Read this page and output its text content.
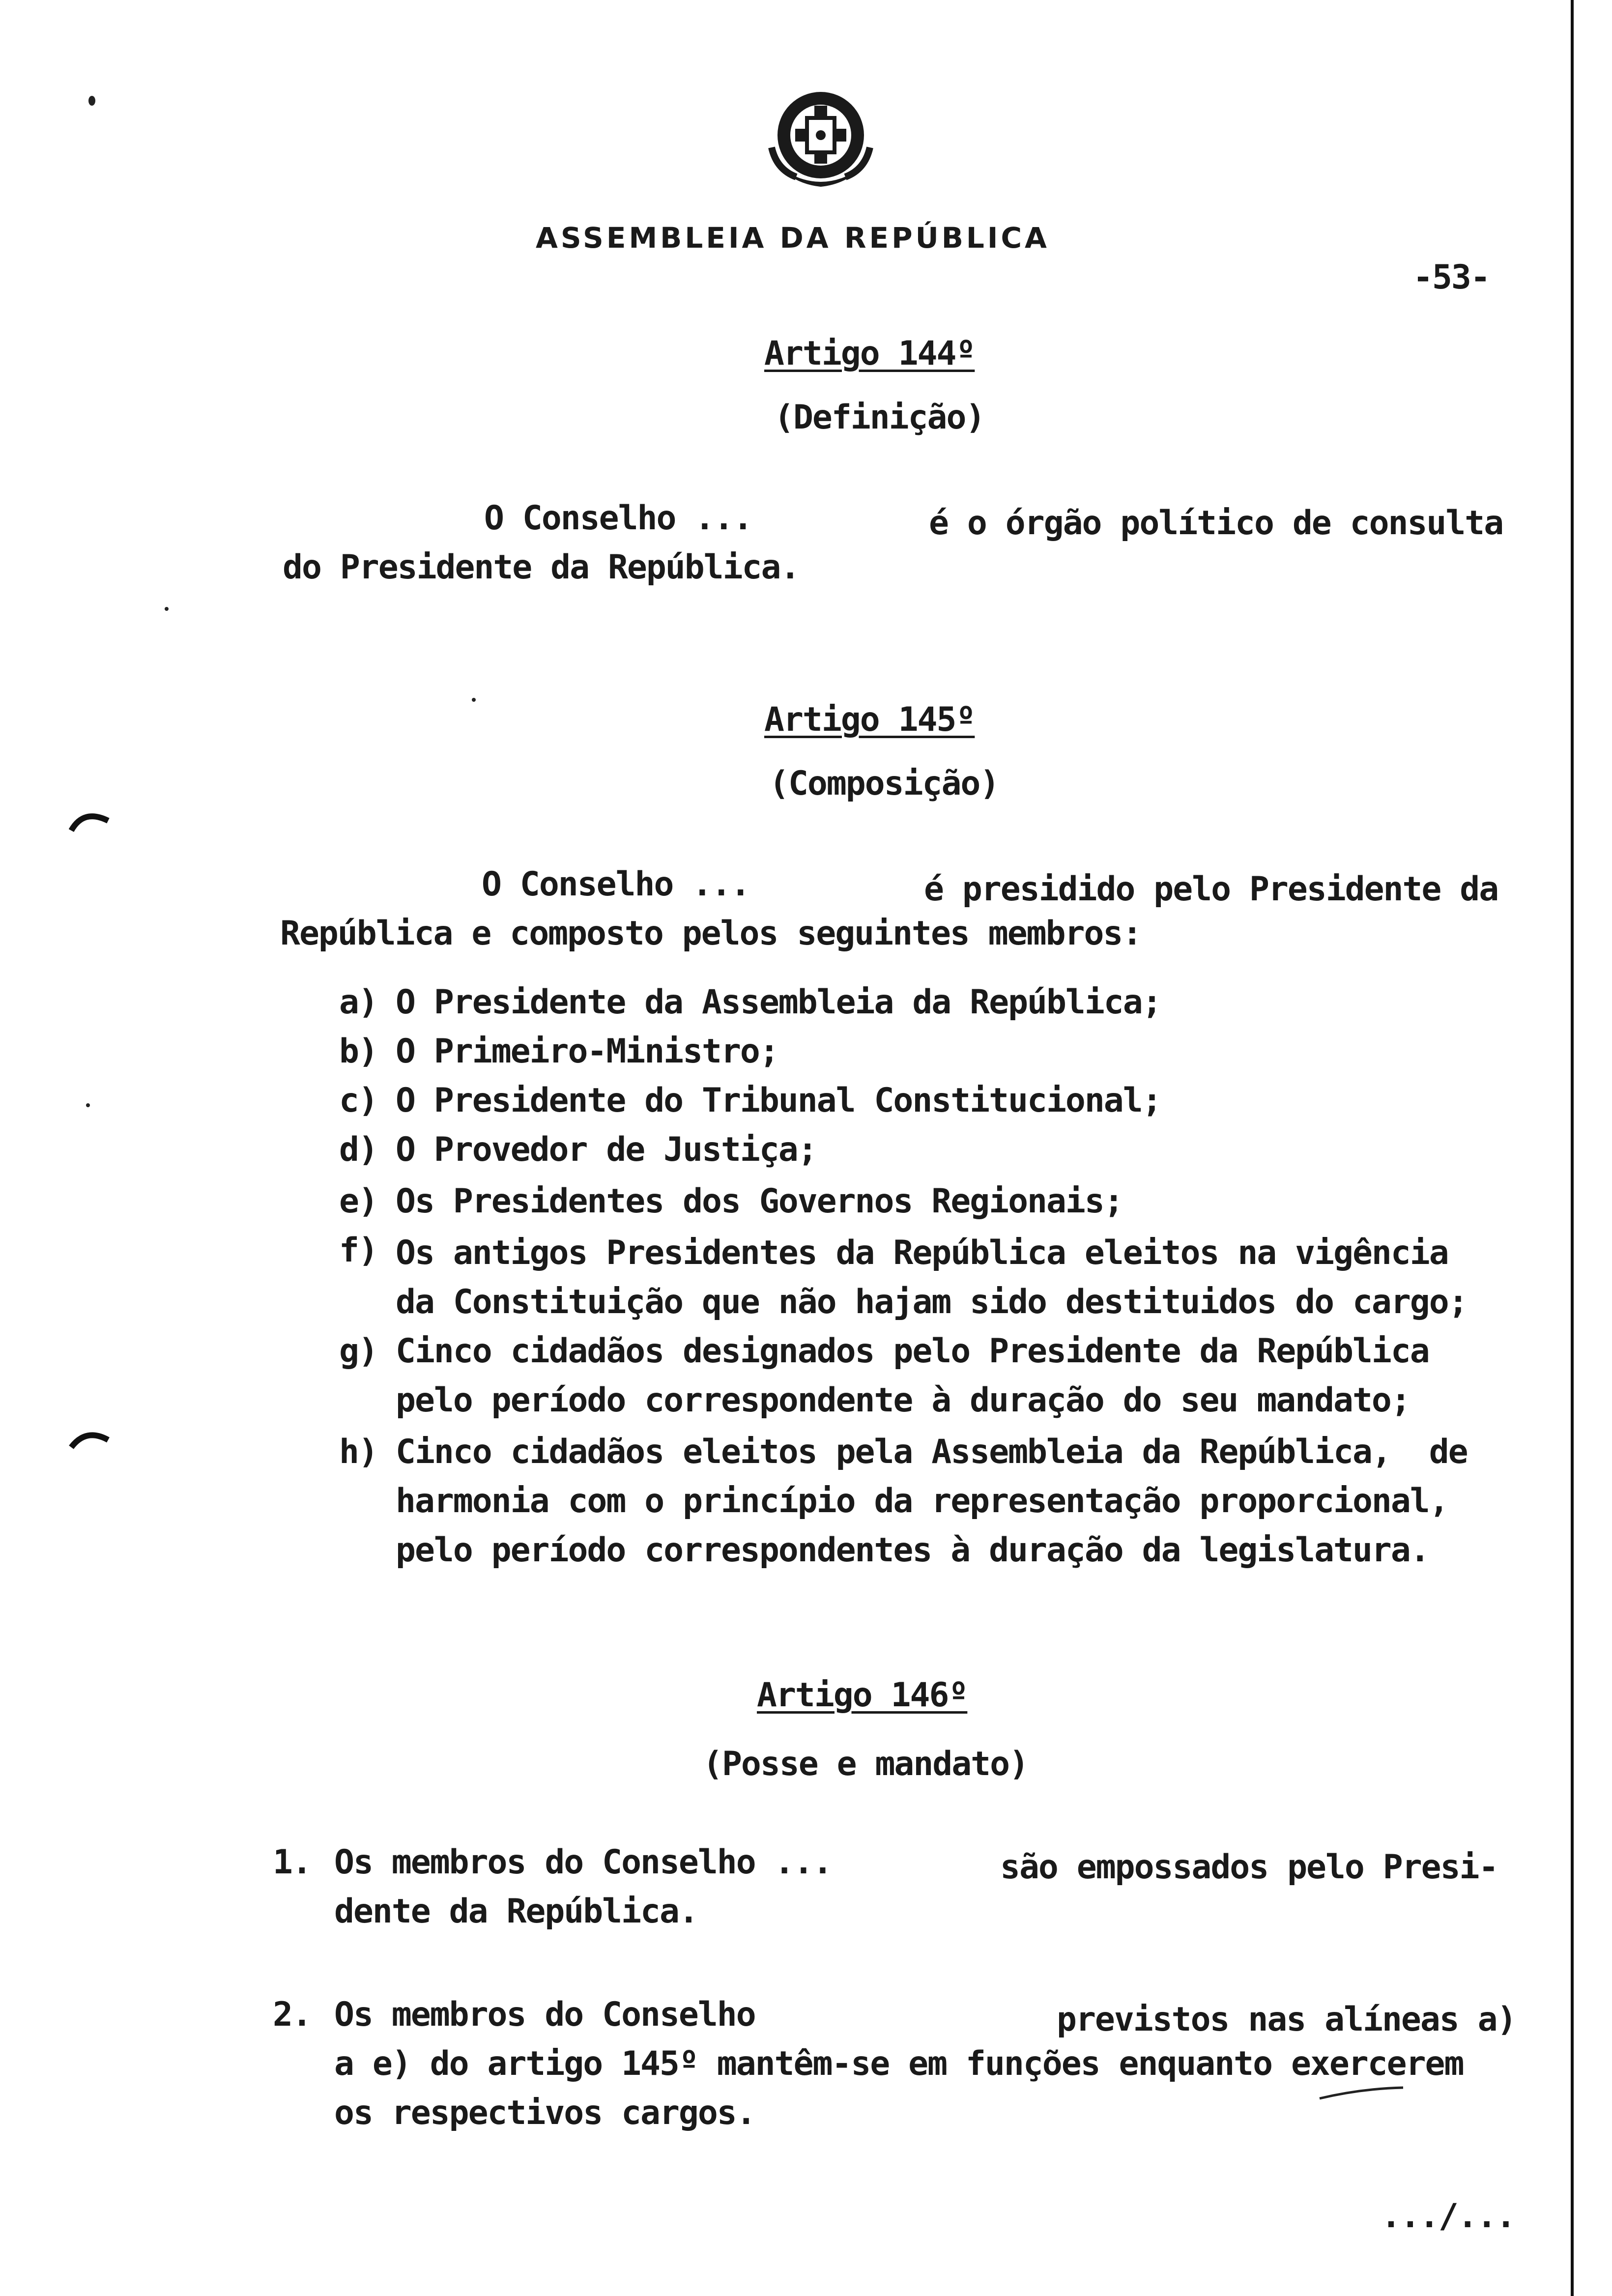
ASSEMBLEIA DA REPÚBLICA
-53-
Artigo 144º
(Definição)
O Conselho ...	é o órgão político de consulta
do Presidente da República.
Artigo 145º
(Composição)
O Conselho ...	é presidido pelo Presidente da
República e composto pelos seguintes membros:
a) O Presidente da Assembleia da República;
b) O Primeiro-Ministro;
c) O Presidente do Tribunal Constitucional;
d) O Provedor de Justiça;
e) Os Presidentes dos Governos Regionais;
f) Os antigos Presidentes da República eleitos na vigência
da Constituição que não hajam sido destituidos do cargo;
g) Cinco cidadãos designados pelo Presidente da República
pelo período correspondente à duração do seu mandato;
h) Cinco cidadãos eleitos pela Assembleia da República,  de
harmonia com o princípio da representação proporcional,
pelo período correspondentes à duração da legislatura.
Artigo 146º
(Posse e mandato)
1. Os membros do Conselho ...	são empossados pelo Presi-
dente da República.
2. Os membros do Conselho	previstos nas alíneas a)
a e) do artigo 145º mantêm-se em funções enquanto exercerem
os respectivos cargos.
.../...
